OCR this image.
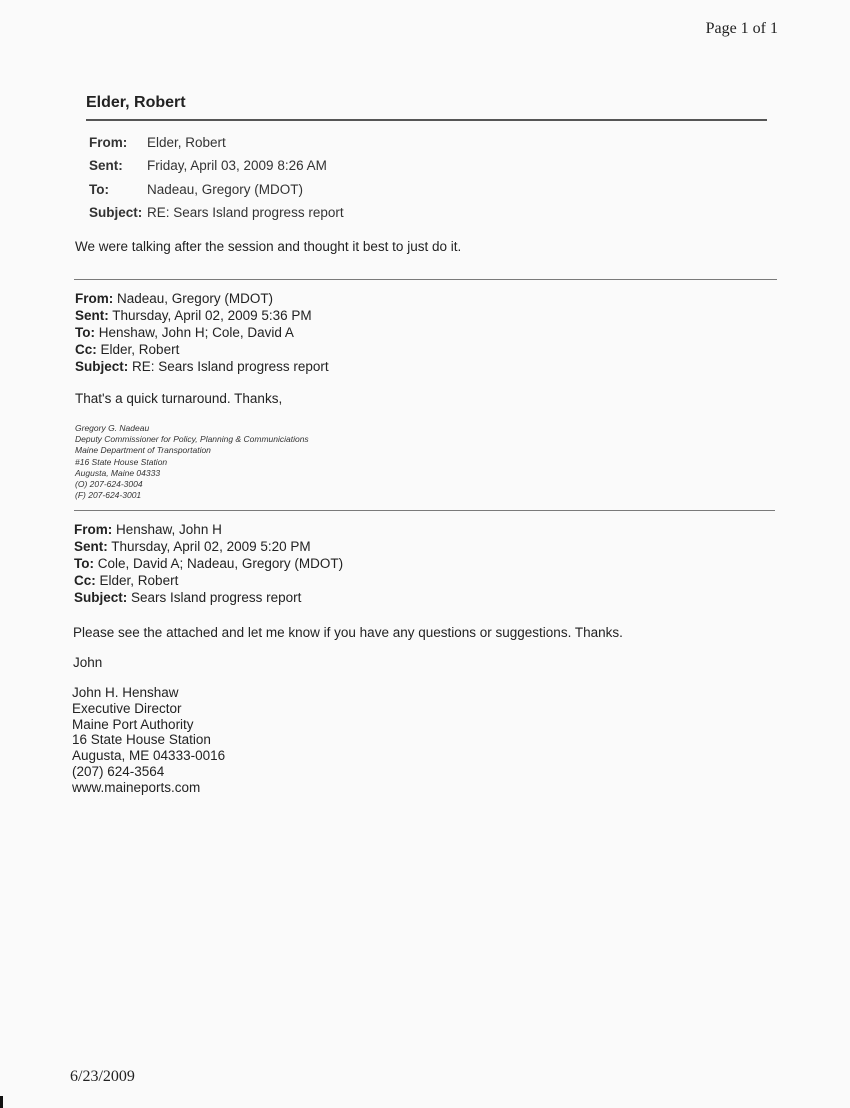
Page 1 of 1
Elder, Robert
From:	Elder, Robert
Sent:	Friday, April 03, 2009 8:26 AM
To:	Nadeau, Gregory (MDOT)
Subject: RE: Sears Island progress report
We were talking after the session and thought it best to just do it.
From: Nadeau, Gregory (MDOT)
Sent: Thursday, April 02, 2009 5:36 PM
To: Henshaw, John H; Cole, David A
Cc: Elder, Robert
Subject: RE: Sears Island progress report
That's a quick turnaround. Thanks,
Gregory G. Nadeau
Deputy Commissioner for Policy, Planning & Communiciations
Maine Department of Transportation
#16 State House Station
Augusta, Maine 04333
(O) 207-624-3004
(F) 207-624-3001
From: Henshaw, John H
Sent: Thursday, April 02, 2009 5:20 PM
To: Cole, David A; Nadeau, Gregory (MDOT)
Cc: Elder, Robert
Subject: Sears Island progress report
Please see the attached and let me know if you have any questions or suggestions. Thanks.
John
John H. Henshaw
Executive Director
Maine Port Authority
16 State House Station
Augusta, ME 04333-0016
(207) 624-3564
www.maineports.com
6/23/2009
